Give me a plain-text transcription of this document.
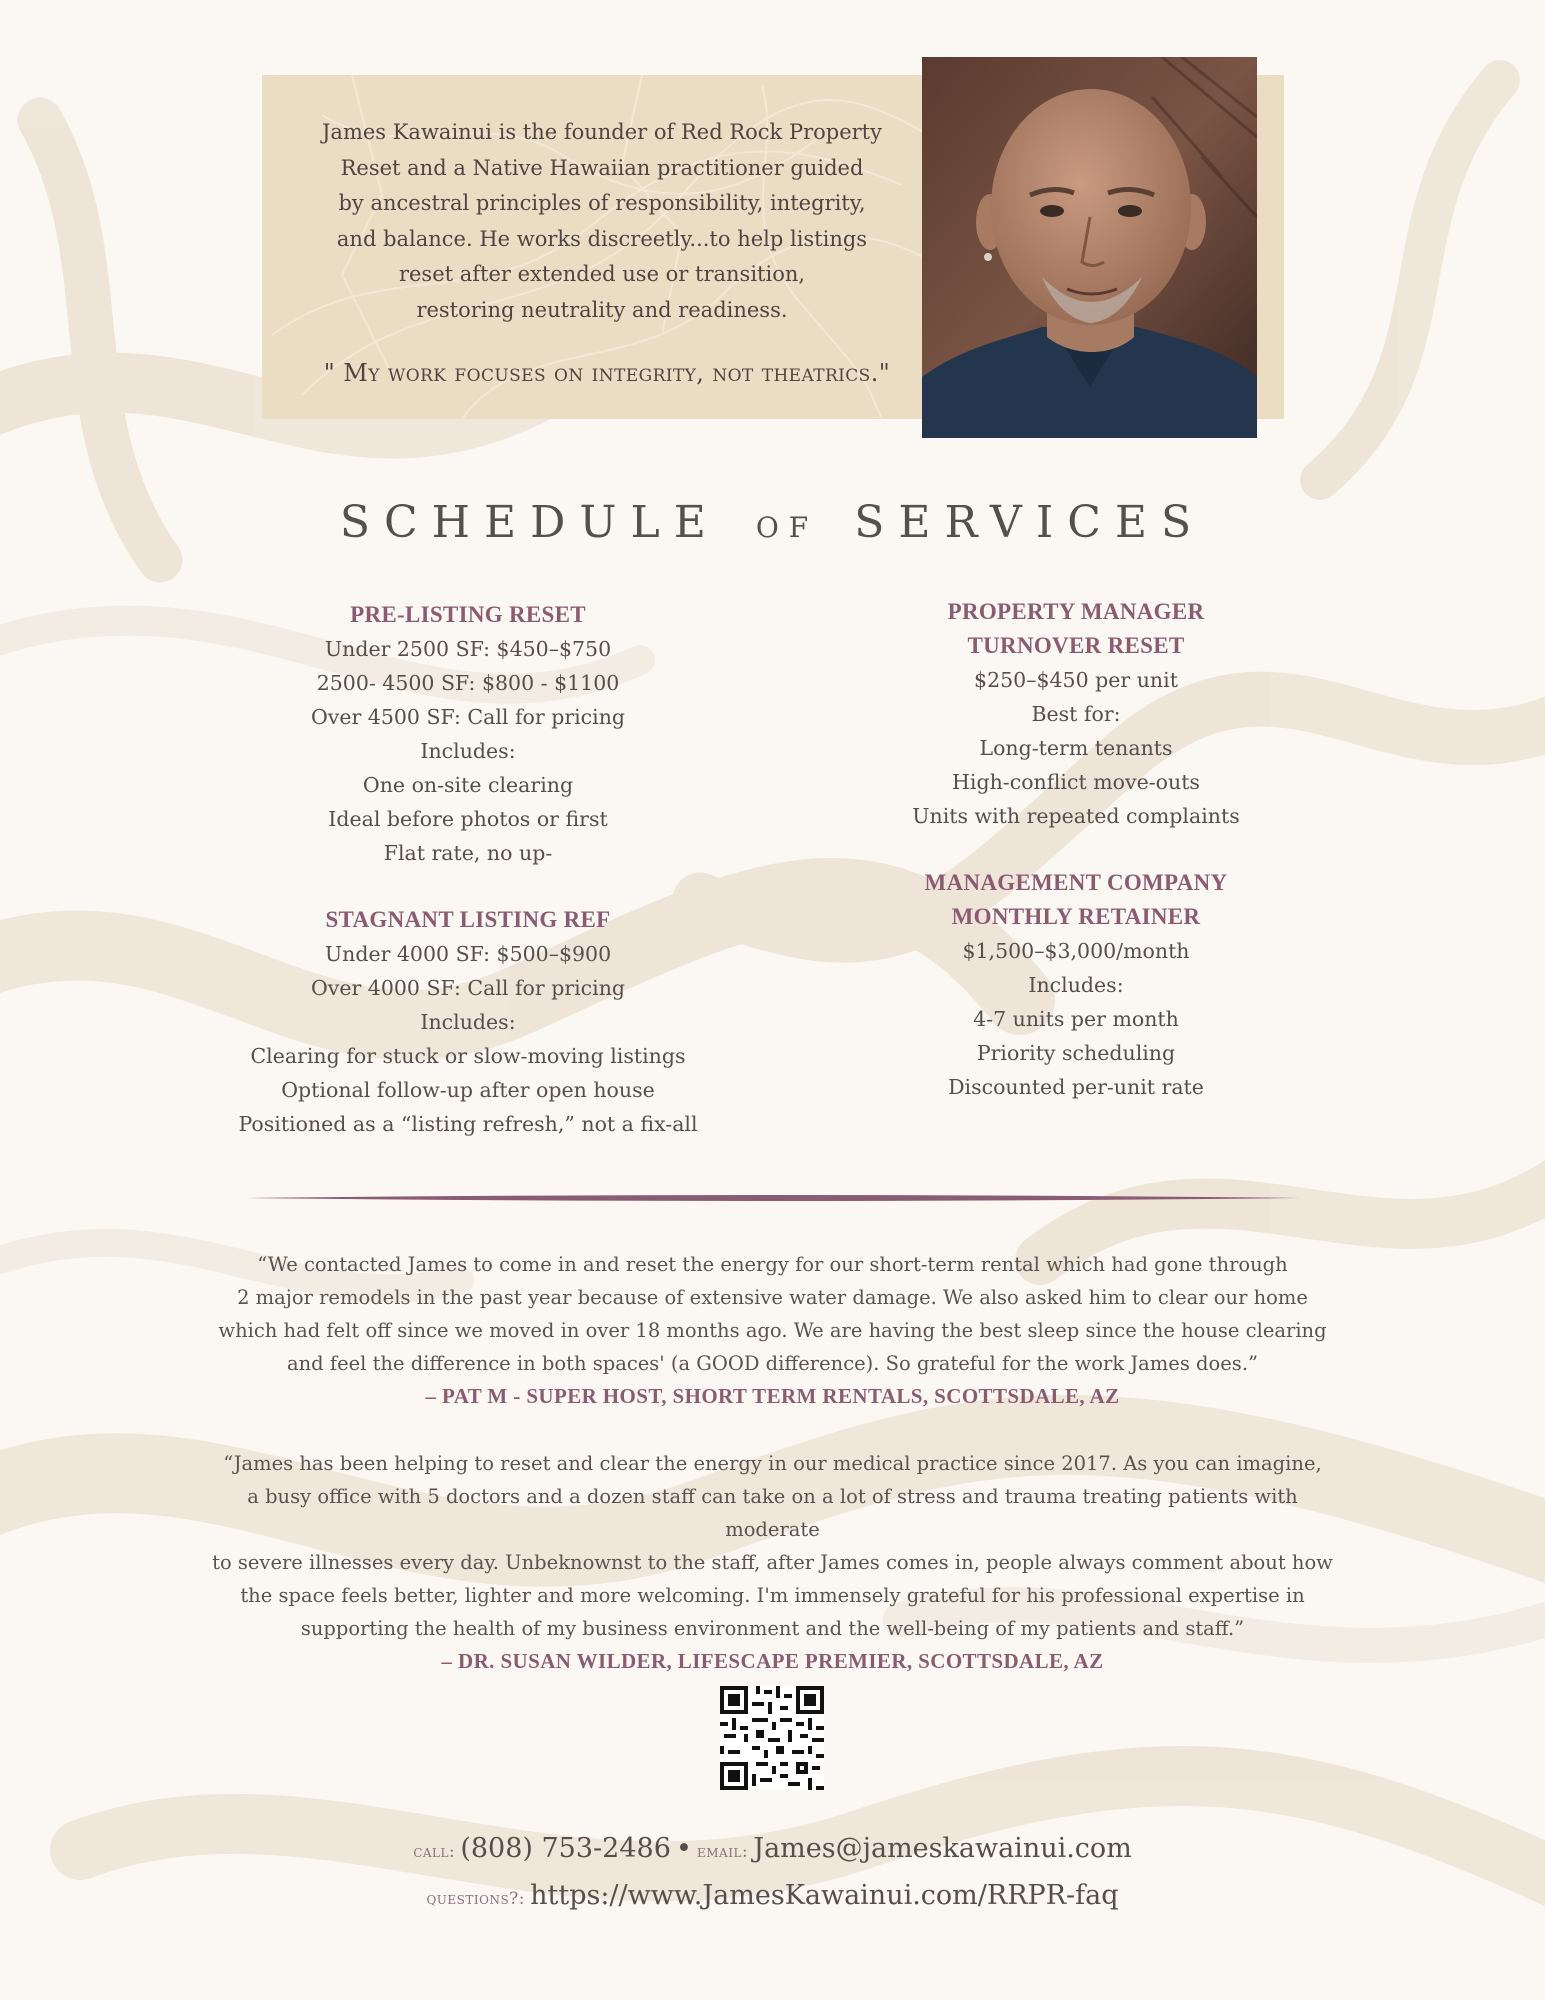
James Kawainui is the founder of Red Rock Property
Reset and a Native Hawaiian practitioner guided
by ancestral principles of responsibility, integrity,
and balance. He works discreetly...to help listings
reset after extended use or transition,
restoring neutrality and readiness.
" My work focuses on integrity, not theatrics."
SCHEDULE OF SERVICES
PRE-LISTING RESET
Under 2500 SF: $450–$750
2500- 4500 SF: $800 - $1100
Over 4500 SF: Call for pricing
Includes:
One on-site clearing
Ideal before photos or first
Flat rate, no up-
STAGNANT LISTING REF
Under 4000 SF: $500–$900
Over 4000 SF: Call for pricing
Includes:
Clearing for stuck or slow-moving listings
Optional follow-up after open house
Positioned as a “listing refresh,” not a fix-all
PROPERTY MANAGER
TURNOVER RESET
$250–$450 per unit
Best for:
Long-term tenants
High-conflict move-outs
Units with repeated complaints
MANAGEMENT COMPANY
MONTHLY RETAINER
$1,500–$3,000/month
Includes:
4-7 units per month
Priority scheduling
Discounted per-unit rate
“We contacted James to come in and reset the energy for our short-term rental which had gone through
2 major remodels in the past year because of extensive water damage. We also asked him to clear our home
which had felt off since we moved in over 18 months ago. We are having the best sleep since the house clearing
and feel the difference in both spaces' (a GOOD difference). So grateful for the work James does.”
– PAT M - SUPER HOST, SHORT TERM RENTALS, SCOTTSDALE, AZ
“James has been helping to reset and clear the energy in our medical practice since 2017. As you can imagine,
a busy office with 5 doctors and a dozen staff can take on a lot of stress and trauma treating patients with moderate
to severe illnesses every day. Unbeknownst to the staff, after James comes in, people always comment about how
the space feels better, lighter and more welcoming. I'm immensely grateful for his professional expertise in
supporting the health of my business environment and the well-being of my patients and staff.”
– DR. SUSAN WILDER, LIFESCAPE PREMIER, SCOTTSDALE, AZ
call: (808) 753-2486 • email: James@jameskawainui.com
questions?: https://www.JamesKawainui.com/RRPR-faq
